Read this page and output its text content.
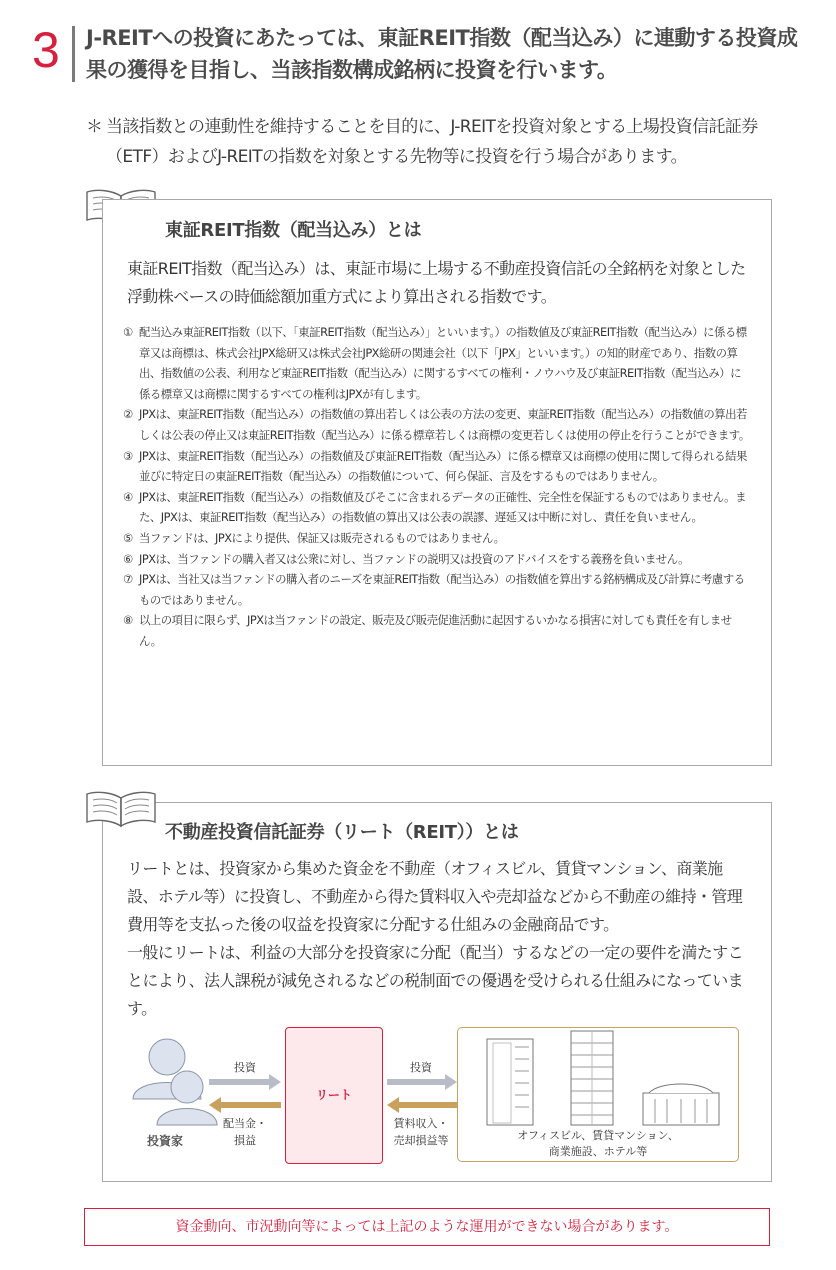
3 J-REITへの投資にあたっては、東証REIT指数（配当込み）に連動する投資成果の獲得を目指し、当該指数構成銘柄に投資を行います。
＊ 当該指数との連動性を維持することを目的に、J-REITを投資対象とする上場投資信託証券（ETF）およびJ-REITの指数を対象とする先物等に投資を行う場合があります。
東証REIT指数（配当込み）とは
東証REIT指数（配当込み）は、東証市場に上場する不動産投資信託の全銘柄を対象とした浮動株ベースの時価総額加重方式により算出される指数です。
① 配当込み東証REIT指数（以下、「東証REIT指数（配当込み）」といいます。）の指数値及び東証REIT指数（配当込み）に係る標章又は商標は、株式会社JPX総研又は株式会社JPX総研の関連会社（以下「JPX」といいます。）の知的財産であり、指数の算出、指数値の公表、利用など東証REIT指数（配当込み）に関するすべての権利・ノウハウ及び東証REIT指数（配当込み）に係る標章又は商標に関するすべての権利はJPXが有します。
② JPXは、東証REIT指数（配当込み）の指数値の算出若しくは公表の方法の変更、東証REIT指数（配当込み）の指数値の算出若しくは公表の停止又は東証REIT指数（配当込み）に係る標章若しくは商標の変更若しくは使用の停止を行うことができます。
③ JPXは、東証REIT指数（配当込み）の指数値及び東証REIT指数（配当込み）に係る標章又は商標の使用に関して得られる結果並びに特定日の東証REIT指数（配当込み）の指数値について、何ら保証、言及をするものではありません。
④ JPXは、東証REIT指数（配当込み）の指数値及びそこに含まれるデータの正確性、完全性を保証するものではありません。また、JPXは、東証REIT指数（配当込み）の指数値の算出又は公表の誤謬、遅延又は中断に対し、責任を負いません。
⑤ 当ファンドは、JPXにより提供、保証又は販売されるものではありません。
⑥ JPXは、当ファンドの購入者又は公衆に対し、当ファンドの説明又は投資のアドバイスをする義務を負いません。
⑦ JPXは、当社又は当ファンドの購入者のニーズを東証REIT指数（配当込み）の指数値を算出する銘柄構成及び計算に考慮するものではありません。
⑧ 以上の項目に限らず、JPXは当ファンドの設定、販売及び販売促進活動に起因するいかなる損害に対しても責任を有しません。
不動産投資信託証券（リート（REIT））とは
リートとは、投資家から集めた資金を不動産（オフィスビル、賃貸マンション、商業施設、ホテル等）に投資し、不動産から得た賃料収入や売却益などから不動産の維持・管理費用等を支払った後の収益を投資家に分配する仕組みの金融商品です。
一般にリートは、利益の大部分を投資家に分配（配当）するなどの一定の要件を満たすことにより、法人課税が減免されるなどの税制面での優遇を受けられる仕組みになっています。
投資家
投資
配当金・
損益
リート
投資
賃料収入・
売却損益等	オフィスビル、賃貸マンション、
商業施設、ホテル等
資金動向、市況動向等によっては上記のような運用ができない場合があります。
